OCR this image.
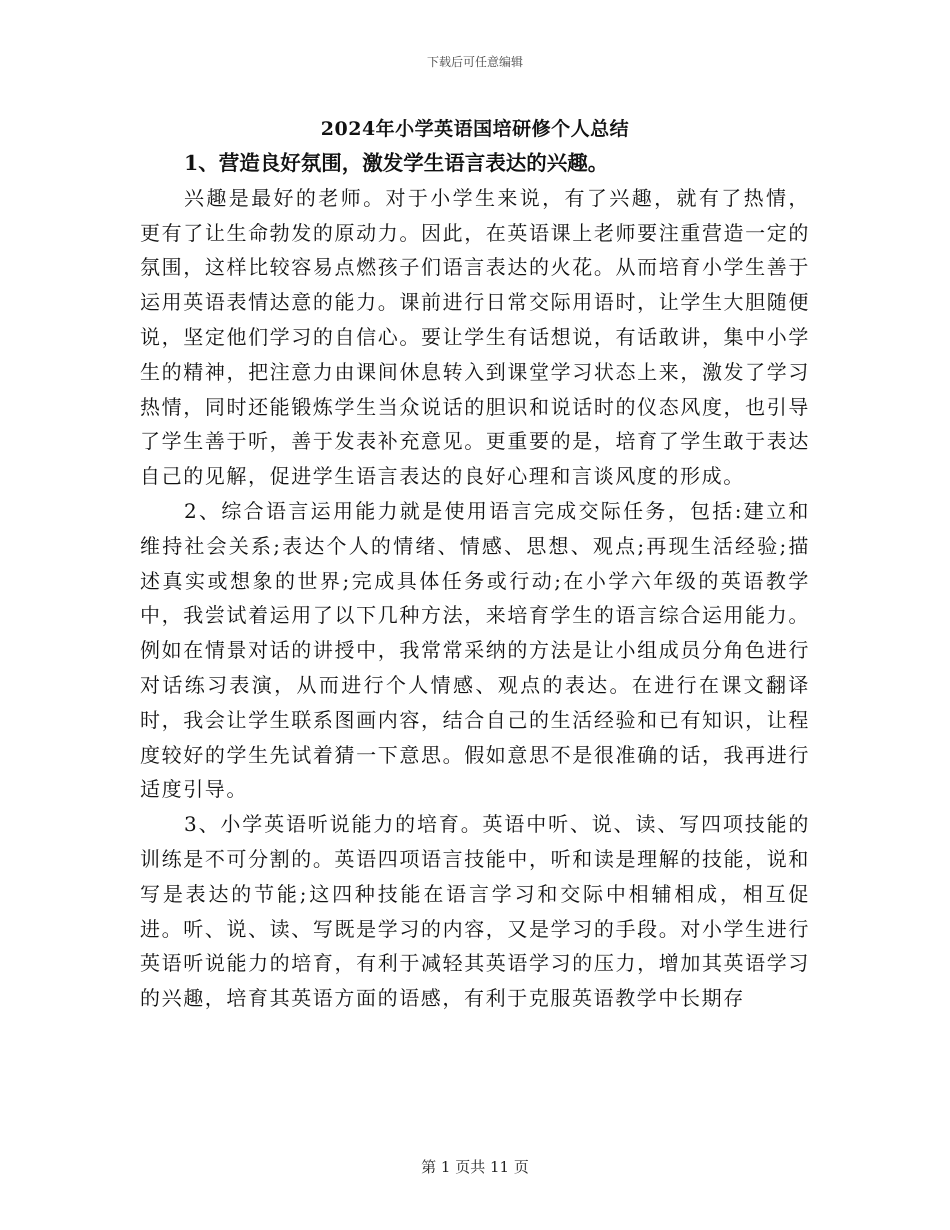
下载后可任意编辑
2024年小学英语国培研修个人总结

1、营造良好氛围，激发学生语言表达的兴趣。

兴趣是最好的老师。对于小学生来说，有了兴趣，就有了热情，更有了让生命勃发的原动力。因此，在英语课上老师要注重营造一定的氛围，这样比较容易点燃孩子们语言表达的火花。从而培育小学生善于运用英语表情达意的能力。课前进行日常交际用语时，让学生大胆随便说，坚定他们学习的自信心。要让学生有话想说，有话敢讲，集中小学生的精神，把注意力由课间休息转入到课堂学习状态上来，激发了学习热情，同时还能锻炼学生当众说话的胆识和说话时的仪态风度，也引导了学生善于听，善于发表补充意见。更重要的是，培育了学生敢于表达自己的见解，促进学生语言表达的良好心理和言谈风度的形成。

2、综合语言运用能力就是使用语言完成交际任务，包括:建立和维持社会关系;表达个人的情绪、情感、思想、观点;再现生活经验;描述真实或想象的世界;完成具体任务或行动;在小学六年级的英语教学中，我尝试着运用了以下几种方法，来培育学生的语言综合运用能力。例如在情景对话的讲授中，我常常采纳的方法是让小组成员分角色进行对话练习表演，从而进行个人情感、观点的表达。在进行在课文翻译时，我会让学生联系图画内容，结合自己的生活经验和已有知识，让程度较好的学生先试着猜一下意思。假如意思不是很准确的话，我再进行适度引导。

3、小学英语听说能力的培育。英语中听、说、读、写四项技能的训练是不可分割的。英语四项语言技能中，听和读是理解的技能，说和写是表达的节能;这四种技能在语言学习和交际中相辅相成，相互促进。听、说、读、写既是学习的内容，又是学习的手段。对小学生进行英语听说能力的培育，有利于减轻其英语学习的压力，增加其英语学习的兴趣，培育其英语方面的语感，有利于克服英语教学中长期存

第 1 页共 11 页
